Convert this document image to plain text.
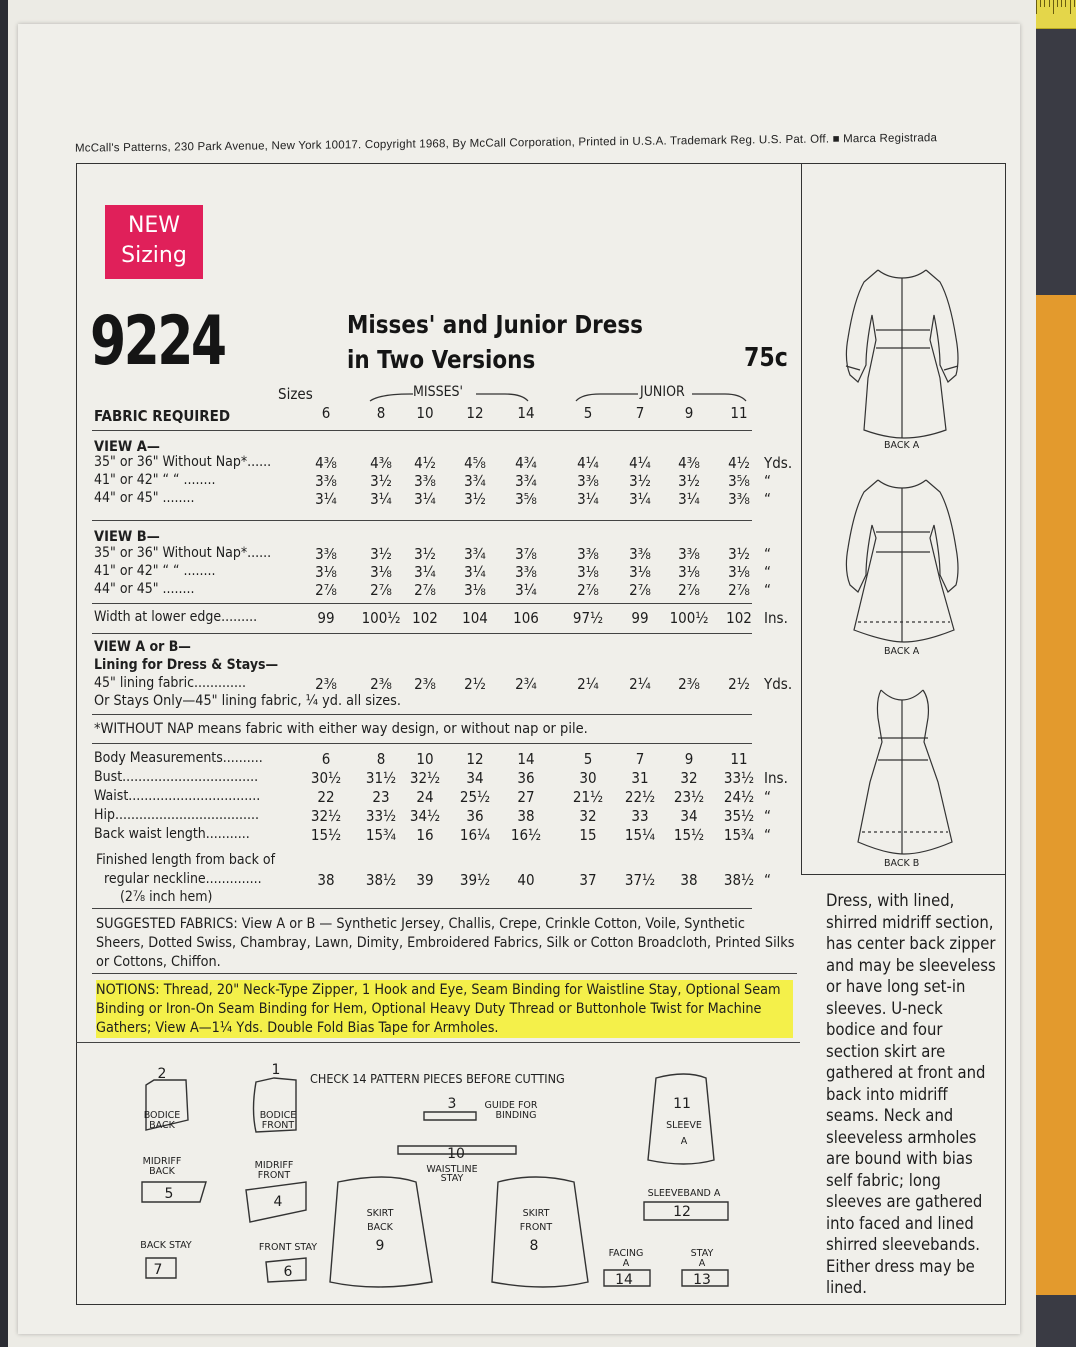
McCall's Patterns, 230 Park Avenue, New York 10017. Copyright 1968, By McCall Corporation, Printed in U.S.A. Trademark Reg. U.S. Pat. Off. ■ Marca Registrada
NEW
Sizing
9224	Misses' and Junior Dress
in Two Versions	75c
Sizes	MISSES'	JUNIOR
FABRIC REQUIRED	6	8	10	12	14	5	7	9	11
VIEW A—
35" or 36" Without Nap*......	4⅜	4⅜	4½	4⅝	4¾	4¼	4¼	4⅜	4½ Yds.
41" or 42" “ “ ........	3⅜	3½	3⅜	3¾	3¾	3⅜	3½	3½	3⅝ “
44" or 45" ........	3¼	3¼	3¼	3½	3⅝	3¼	3¼	3¼	3⅜ “
VIEW B—
35" or 36" Without Nap*......	3⅜	3½	3½	3¾	3⅞	3⅜	3⅜	3⅜	3½ “
41" or 42" “ “ ........	3⅛	3⅛	3¼	3¼	3⅜	3⅛	3⅛	3⅛	3⅛ “
44" or 45" ........	2⅞	2⅞	2⅞	3⅛	3¼	2⅞	2⅞	2⅞	2⅞ “
Width at lower edge.........	99	100½ 102	104	106	97½	99	100½	102 Ins.
VIEW A or B—
Lining for Dress & Stays—
45" lining fabric.............	2⅜	2⅜	2⅜	2½	2¾	2¼	2¼	2⅜	2½ Yds.
Or Stays Only—45" lining fabric, ¼ yd. all sizes.
*WITHOUT NAP means fabric with either way design, or without nap or pile.
Body Measurements..........	6	8	10	12	14	5	7	9	11
Bust..................................	30½	31½ 32½	34	36	30	31	32	33½ Ins.
Waist.................................	22	23	24	25½	27	21½	22½	23½	24½ “
Hip....................................	32½	33½ 34½	36	38	32	33	34	35½ “
Back waist length...........	15½	15¾	16	16¼	16½	15	15¼	15½	15¾ “
Finished length from back of
regular neckline..............	38	38½	39	39½	40	37	37½	38	38½ “
(2⅞ inch hem)
SUGGESTED FABRICS: View A or B — Synthetic Jersey, Challis, Crepe, Crinkle Cotton, Voile, Synthetic Sheers, Dotted Swiss, Chambray, Lawn, Dimity, Embroidered Fabrics, Silk or Cotton Broadcloth, Printed Silks or Cottons, Chiffon.
NOTIONS: Thread, 20" Neck-Type Zipper, 1 Hook and Eye, Seam Binding for Waistline Stay, Optional Seam Binding or Iron-On Seam Binding for Hem, Optional Heavy Duty Thread or Buttonhole Twist for Machine Gathers; View A—1¼ Yds. Double Fold Bias Tape for Armholes.
Dress, with lined, shirred midriff section, has center back zipper and may be sleeveless or have long set-in sleeves. U-neck bodice and four section skirt are gathered at front and back into midriff seams. Neck and sleeveless armholes are bound with bias self fabric; long sleeves are gathered into faced and lined shirred sleevebands. Either dress may be lined.
BACK A
BACK A
BACK B
CHECK 14 PATTERN PIECES BEFORE CUTTING
2
BODICE
BACK
1
BODICE
FRONT
3	GUIDE FOR
BINDING
11
SLEEVE
A
5
MIDRIFF
BACK
4
MIDRIFF
FRONT
10
WAISTLINE
STAY
9
SKIRT
BACK
8
SKIRT
FRONT
12
SLEEVEBAND A
7
BACK STAY
6
FRONT STAY
14
FACING
A
13
STAY
A
